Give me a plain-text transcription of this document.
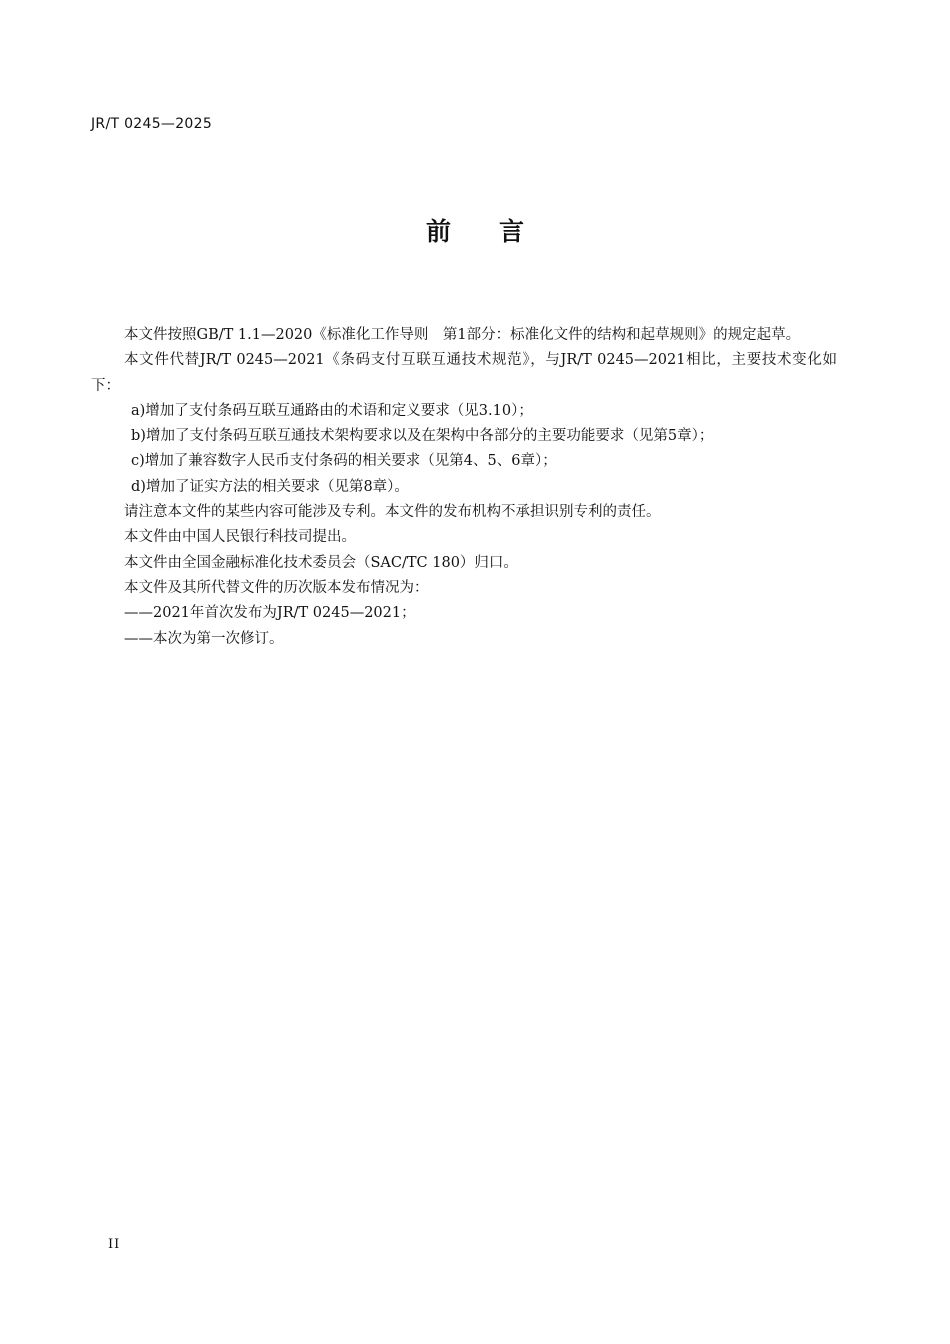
JR/T 0245—2025
前言

本文件按照GB/T 1.1—2020《标准化工作导则　第1部分：标准化文件的结构和起草规则》的规定起草。

本文件代替JR/T 0245—2021《条码支付互联互通技术规范》，与JR/T 0245—2021相比，主要技术变化如下：

a)增加了支付条码互联互通路由的术语和定义要求（见3.10）；

b)增加了支付条码互联互通技术架构要求以及在架构中各部分的主要功能要求（见第5章）；

c)增加了兼容数字人民币支付条码的相关要求（见第4、5、6章）；

d)增加了证实方法的相关要求（见第8章）。

请注意本文件的某些内容可能涉及专利。本文件的发布机构不承担识别专利的责任。

本文件由中国人民银行科技司提出。

本文件由全国金融标准化技术委员会（SAC/TC 180）归口。

本文件及其所代替文件的历次版本发布情况为：

——2021年首次发布为JR/T 0245—2021；

——本次为第一次修订。

II
